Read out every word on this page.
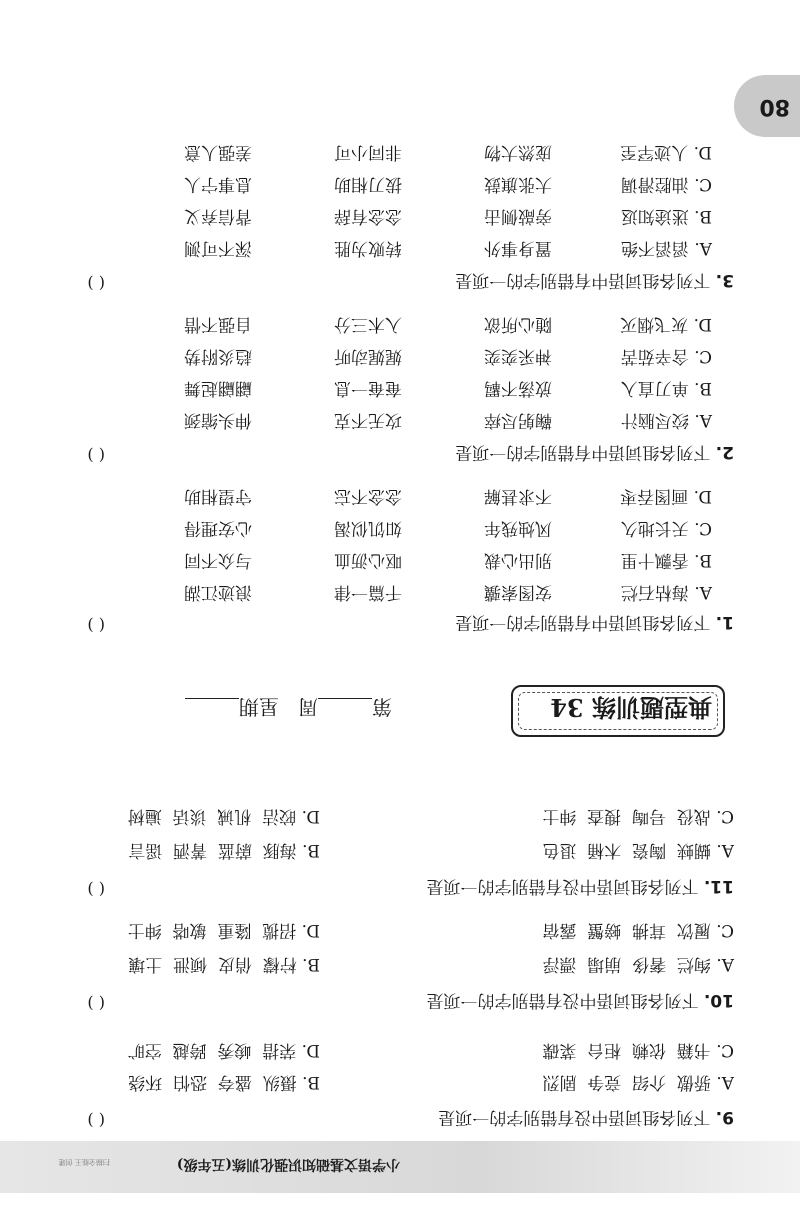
小学语文基础知识强化训练(五年级)
扫描全能王 创建
80
9. 下列各组词语中没有错别字的一项是
( )
A. 骄傲  介绍  竞争  剧烈
B. 摄纵  盛夸  恐怕  环绕
C. 书籍  依赖  柜台  菜碟
D. 荣措  峻秀  跨越  空旷
10. 下列各组词语中没有错别字的一项是
( )
A. 绚烂  奢侈  崩塌  漂浮
B. 柠檬  俏皮  倾泄  土壤
C. 履饮  茸拂  螃蟹  露宿
D. 招揽  隆重  敏嗒  绅士
11. 下列各组词语中没有错别字的一项是
( )
A. 蝴蛱  陶瓷  木桶  退色
B. 海豚  蔚蓝  菁洒  谣言
C. 战役  号啕  搜查  绅士
D. 皎洁  机诫  谈话  遍树
典型题训练 34
第周   星期
1. 下列各组词语中有错别字的一项是
( )
A. 海枯石烂安图索骥千篇一律浪迹江湖
B. 香飘十里别出心裁呕心沥血与众不同
C. 天长地久风烛残年如饥似渴心安理得
D. 画图吞枣不求甚解念念不忘守望相助
2. 下列各组词语中有错别字的一项是
( )
A. 绞尽脑汁鞠躬尽瘁攻无不克伸头缩颈
B. 单刀直入放荡不羁奄奄一息翩翩起舞
C. 含辛茹苦神采奕奕娓娓动听趋炎附势
D. 灰飞烟灭随心所欲入木三分自强不惜
3. 下列各组词语中有错别字的一项是
( )
A. 滔滔不绝置身事外转败为胜深不可测
B. 迷途知返旁敲侧击念念有辞背信弃义
C. 油腔滑调大张旗鼓拔刀相助息事宁人
D. 人迹罕至庞然大物非同小可差强人意
